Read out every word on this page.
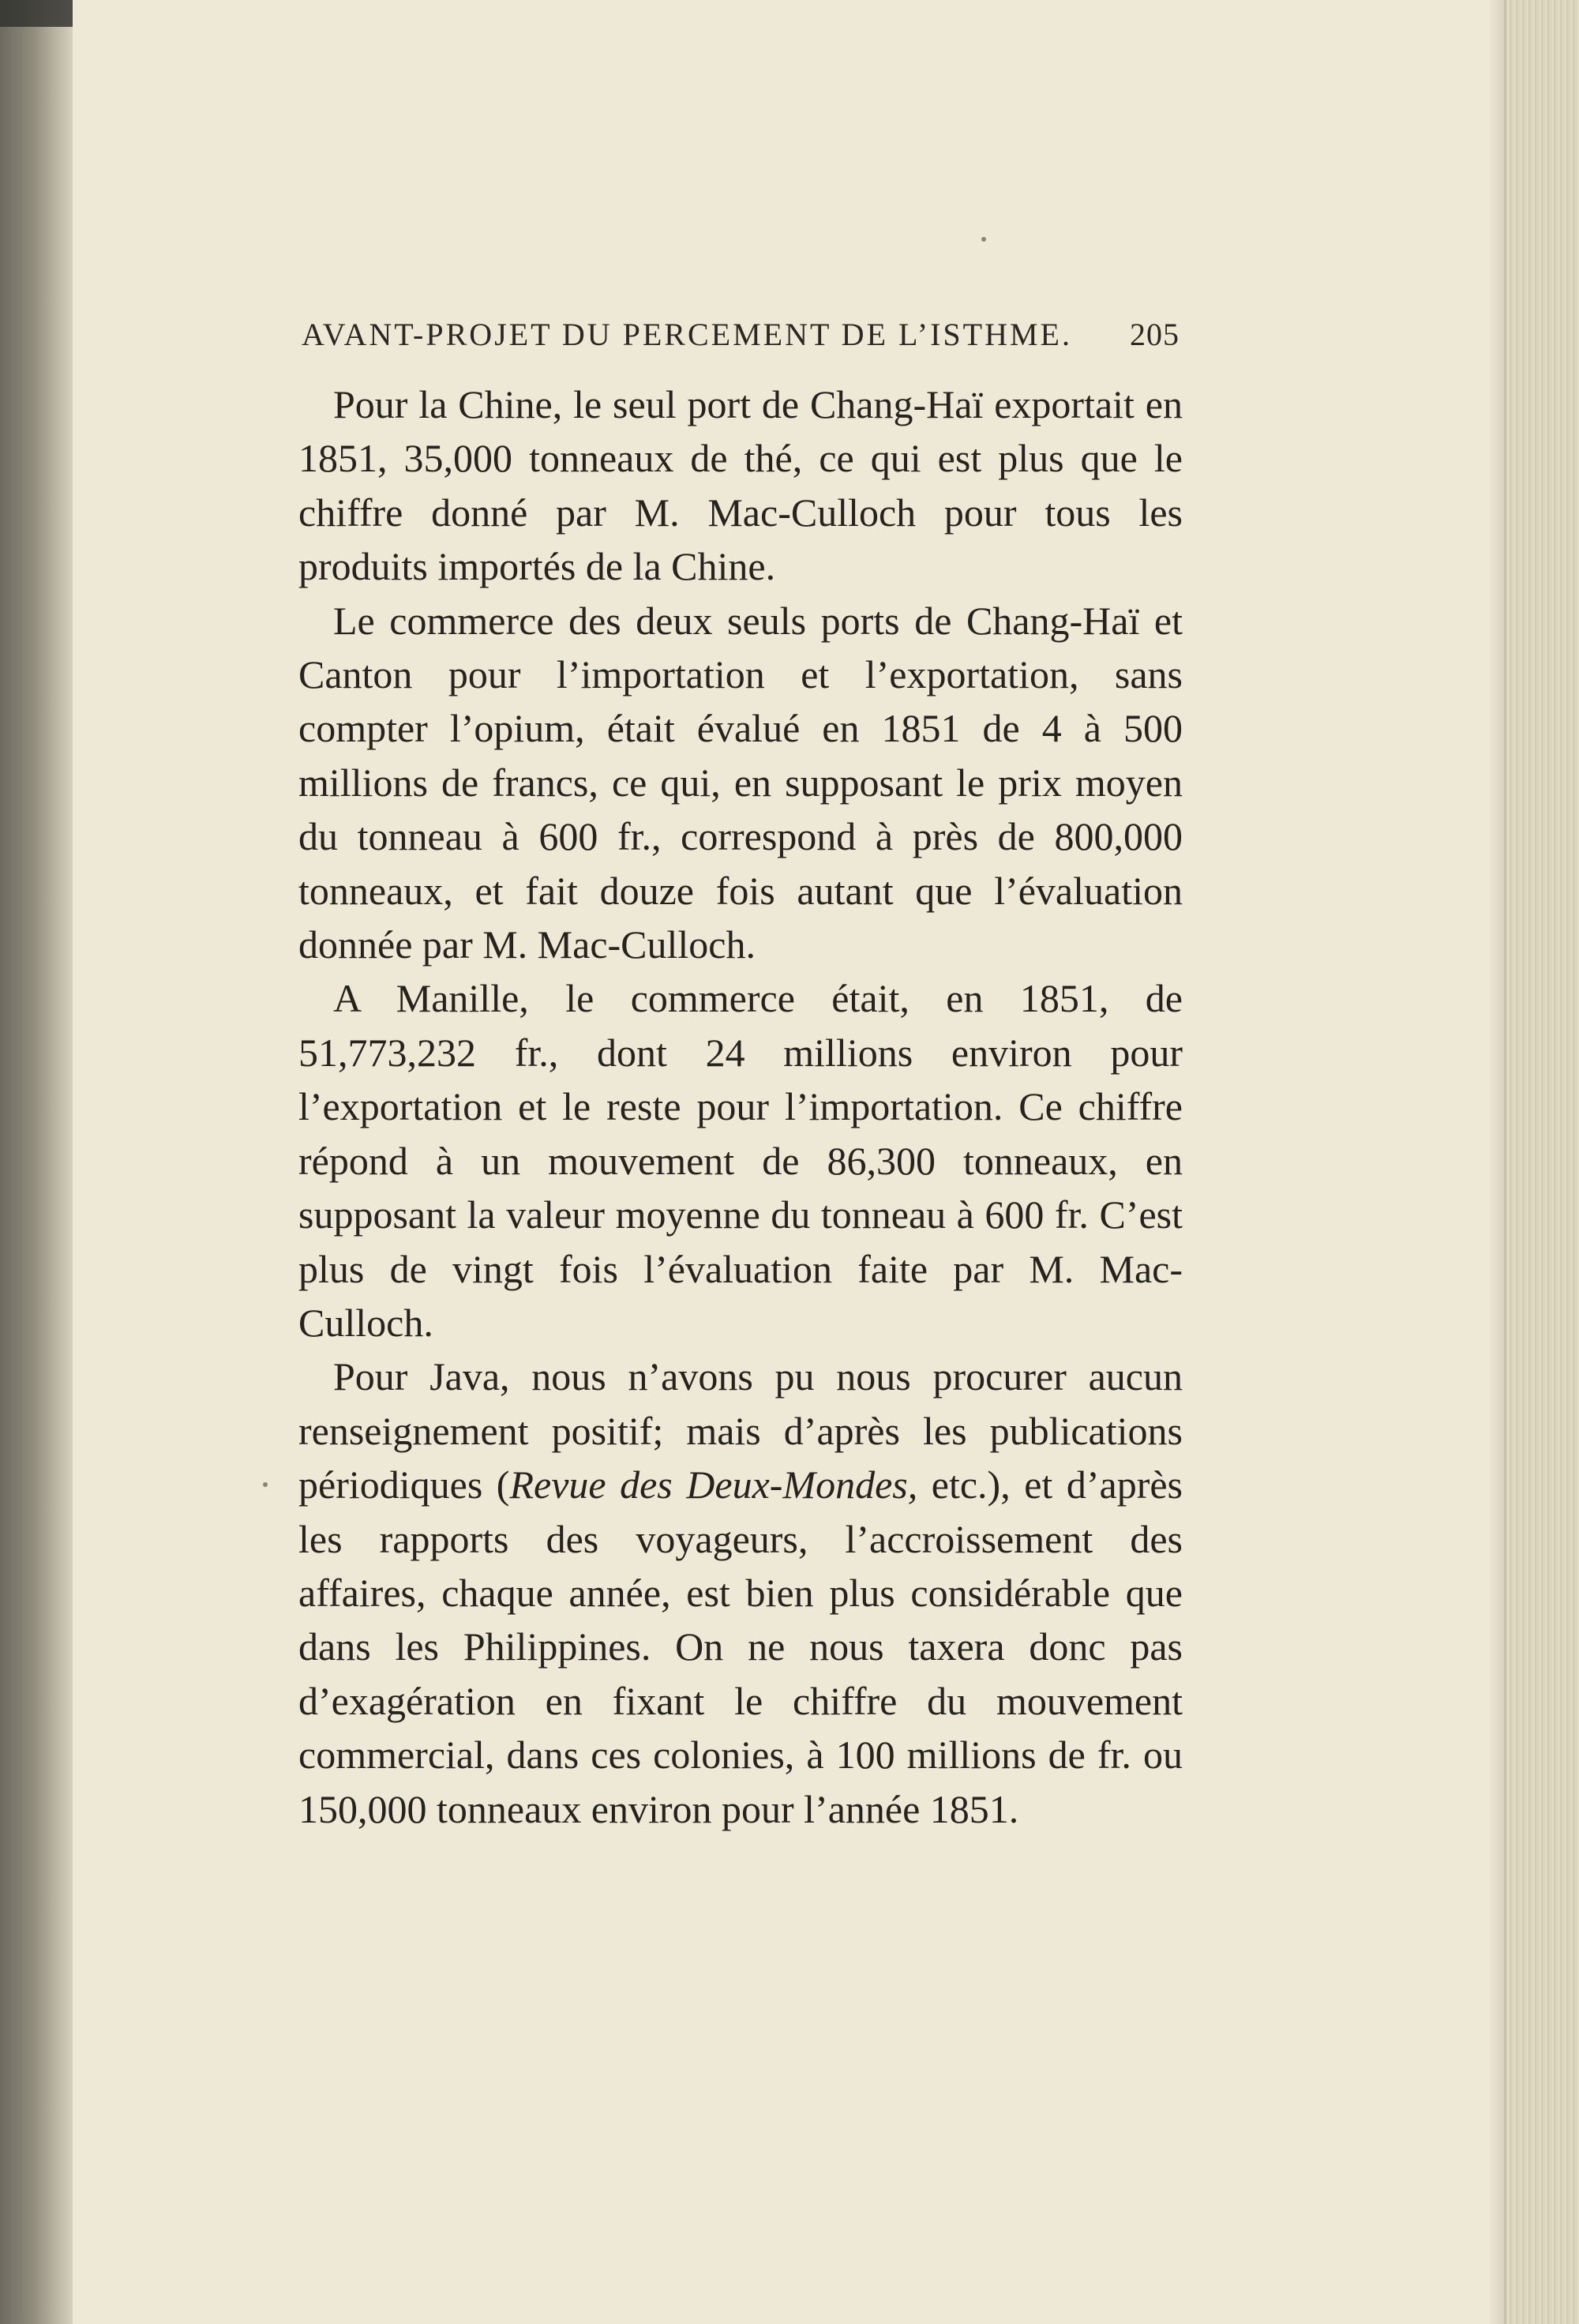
AVANT-PROJET DU PERCEMENT DE L’ISTHME. 205

Pour la Chine, le seul port de Chang-Haï exportait en 1851, 35,000 tonneaux de thé, ce qui est plus que le chiffre donné par M. Mac-Culloch pour tous les produits importés de la Chine.

Le commerce des deux seuls ports de Chang-Haï et Canton pour l’importation et l’exportation, sans compter l’opium, était évalué en 1851 de 4 à 500 millions de francs, ce qui, en supposant le prix moyen du tonneau à 600 fr., correspond à près de 800,000 tonneaux, et fait douze fois autant que l’évaluation donnée par M. Mac-Culloch.

A Manille, le commerce était, en 1851, de 51,773,232 fr., dont 24 millions environ pour l’exportation et le reste pour l’importation. Ce chiffre répond à un mouvement de 86,300 tonneaux, en supposant la valeur moyenne du tonneau à 600 fr. C’est plus de vingt fois l’évaluation faite par M. Mac-Culloch.

Pour Java, nous n’avons pu nous procurer aucun renseignement positif; mais d’après les publications périodiques (Revue des Deux-Mondes, etc.), et d’après les rapports des voyageurs, l’accroissement des affaires, chaque année, est bien plus considérable que dans les Philippines. On ne nous taxera donc pas d’exagération en fixant le chiffre du mouvement commercial, dans ces colonies, à 100 millions de fr. ou 150,000 tonneaux environ pour l’année 1851.
